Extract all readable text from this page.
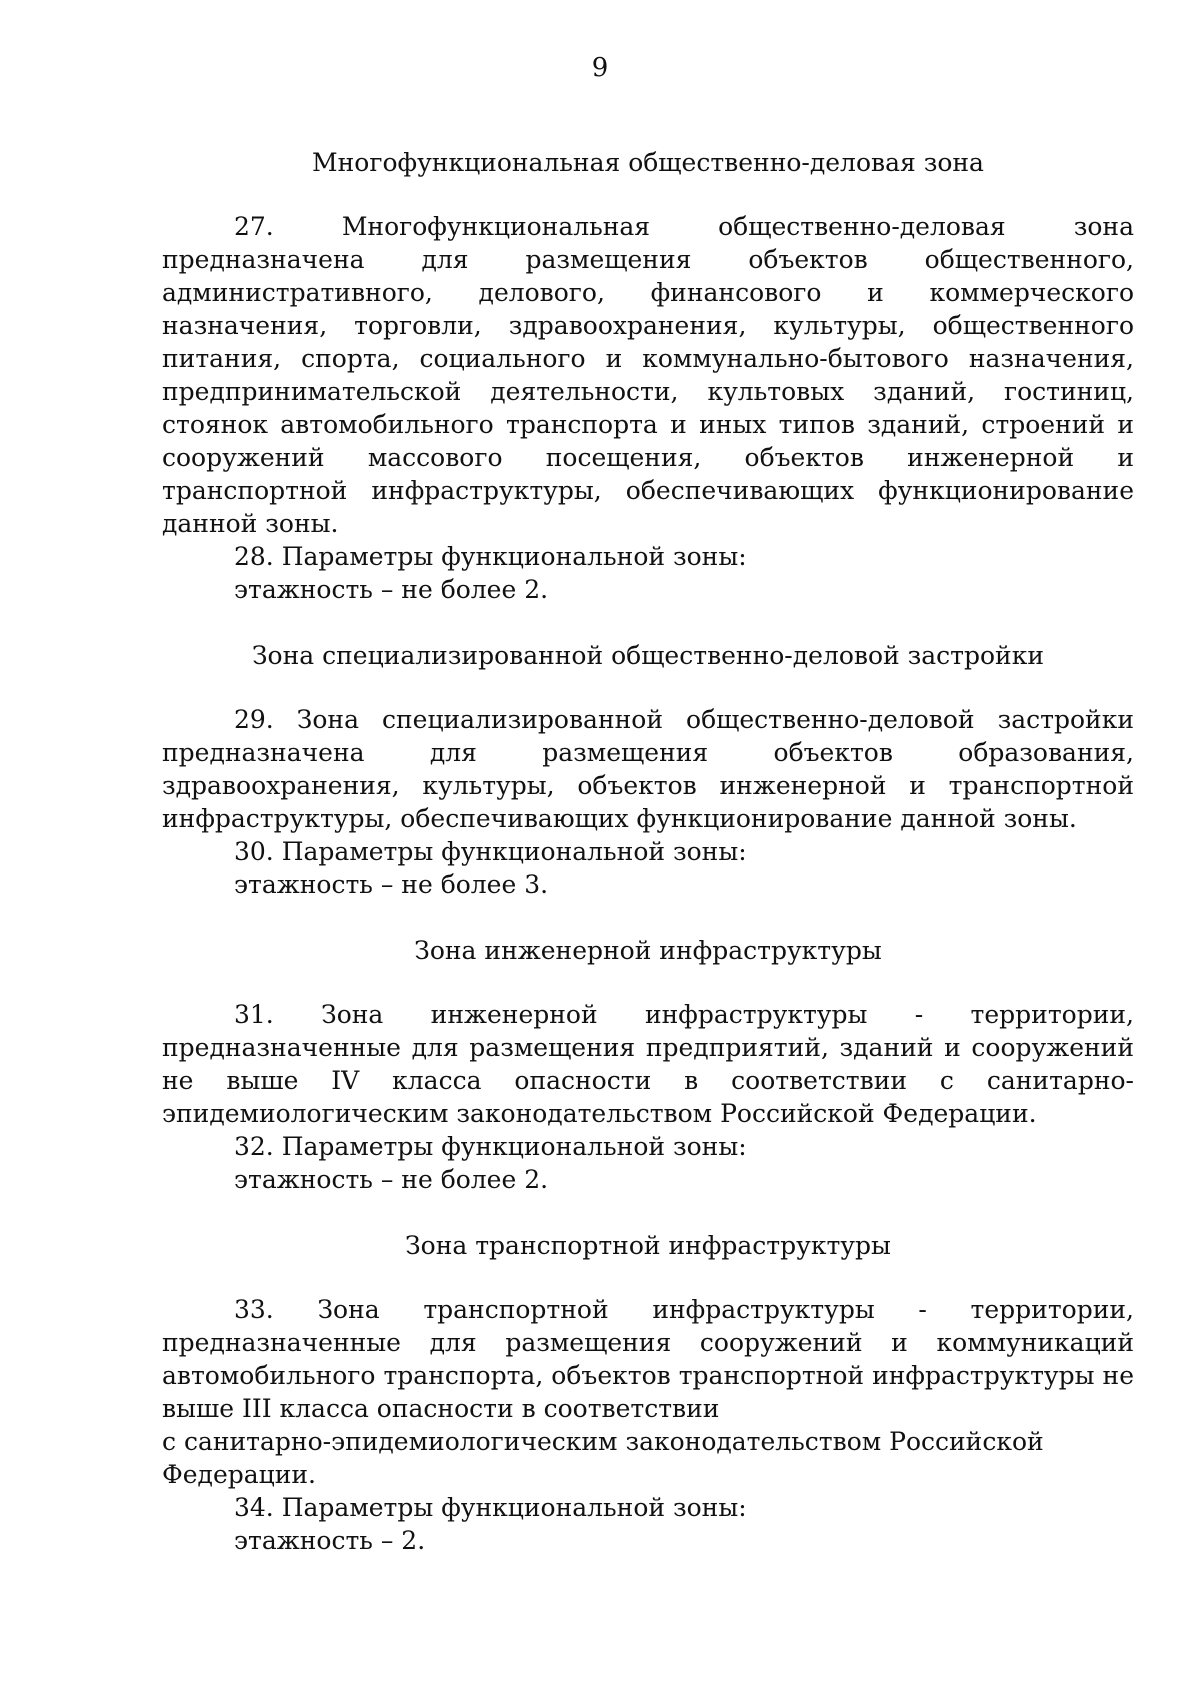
9
Многофункциональная общественно-деловая зона

27. Многофункциональная общественно-деловая зона предназначена для размещения объектов общественного, административного, делового, финансового и коммерческого назначения, торговли, здравоохранения, культуры, общественного питания, спорта, социального и коммунально-бытового назначения, предпринимательской деятельности, культовых зданий, гостиниц, стоянок автомобильного транспорта и иных типов зданий, строений и сооружений массового посещения, объектов инженерной и транспортной инфраструктуры, обеспечивающих функционирование данной зоны.

28. Параметры функциональной зоны:

этажность – не более 2.

Зона специализированной общественно-деловой застройки

29. Зона специализированной общественно-деловой застройки предназначена для размещения объектов образования, здравоохранения, культуры, объектов инженерной и транспортной инфраструктуры, обеспечивающих функционирование данной зоны.

30. Параметры функциональной зоны:

этажность – не более 3.

Зона инженерной инфраструктуры

31. Зона инженерной инфраструктуры - территории, предназначенные для размещения предприятий, зданий и сооружений не выше IV класса опасности в соответствии с санитарно-эпидемиологическим законодательством Российской Федерации.

32. Параметры функциональной зоны:

этажность – не более 2.

Зона транспортной инфраструктуры

33. Зона транспортной инфраструктуры - территории, предназначенные для размещения сооружений и коммуникаций автомобильного транспорта, объектов транспортной инфраструктуры не выше III класса опасности в соответствии

с санитарно-эпидемиологическим законодательством Российской Федерации.

34. Параметры функциональной зоны:

этажность – 2.
